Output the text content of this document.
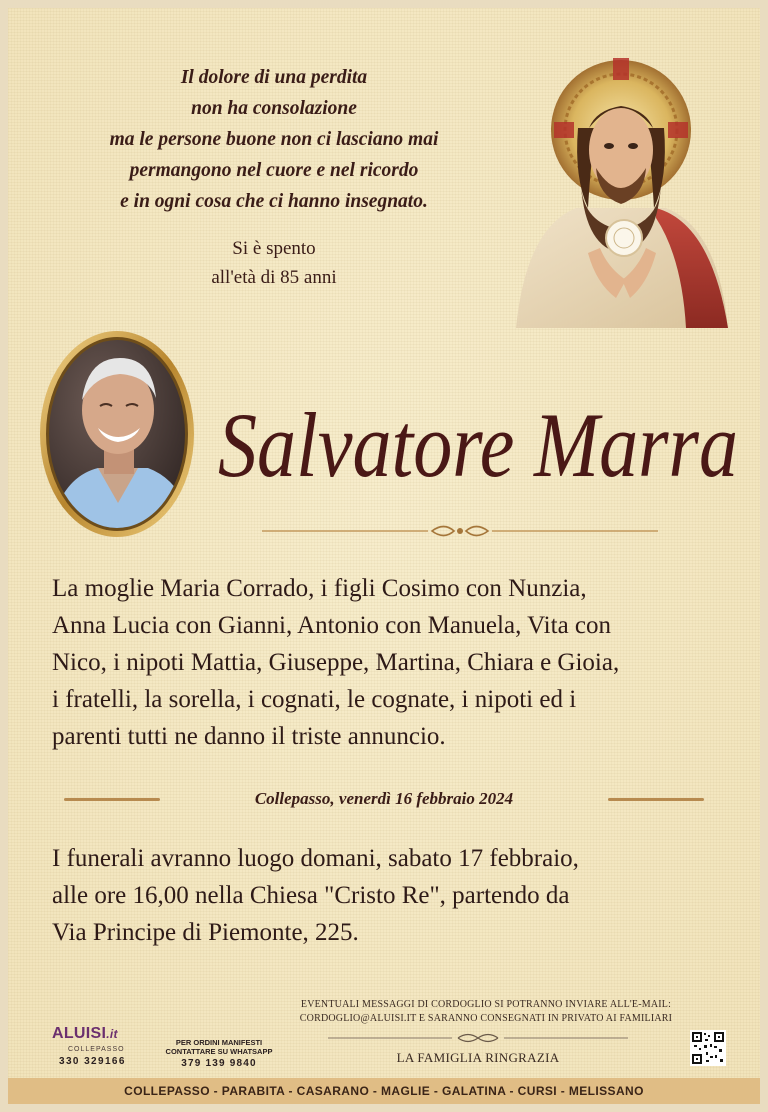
Il dolore di una perdita
non ha consolazione
ma le persone buone non ci lasciano mai
permangono nel cuore e nel ricordo
e in ogni cosa che ci hanno insegnato.
Si è spento
all'età di 85 anni
Salvatore Marra
La moglie Maria Corrado, i figli Cosimo con Nunzia,
Anna Lucia con Gianni, Antonio con Manuela, Vita con
Nico, i nipoti Mattia, Giuseppe, Martina, Chiara e Gioia,
i fratelli, la sorella, i cognati, le cognate, i nipoti ed i
parenti tutti ne danno il triste annuncio.
Collepasso, venerdì 16 febbraio 2024
I funerali avranno luogo domani, sabato 17 febbraio,
alle ore 16,00 nella Chiesa "Cristo Re", partendo da
Via Principe di Piemonte, 225.
EVENTUALI MESSAGGI DI CORDOGLIO SI POTRANNO INVIARE ALL'E-MAIL:
CORDOGLIO@ALUISI.IT E SARANNO CONSEGNATI IN PRIVATO AI FAMILIARI
LA FAMIGLIA RINGRAZIA
ALUISI.it
COLLEPASSO
330 329166
PER ORDINI MANIFESTI
CONTATTARE SU WHATSAPP
379 139 9840
COLLEPASSO - PARABITA - CASARANO - MAGLIE - GALATINA - CURSI - MELISSANO
